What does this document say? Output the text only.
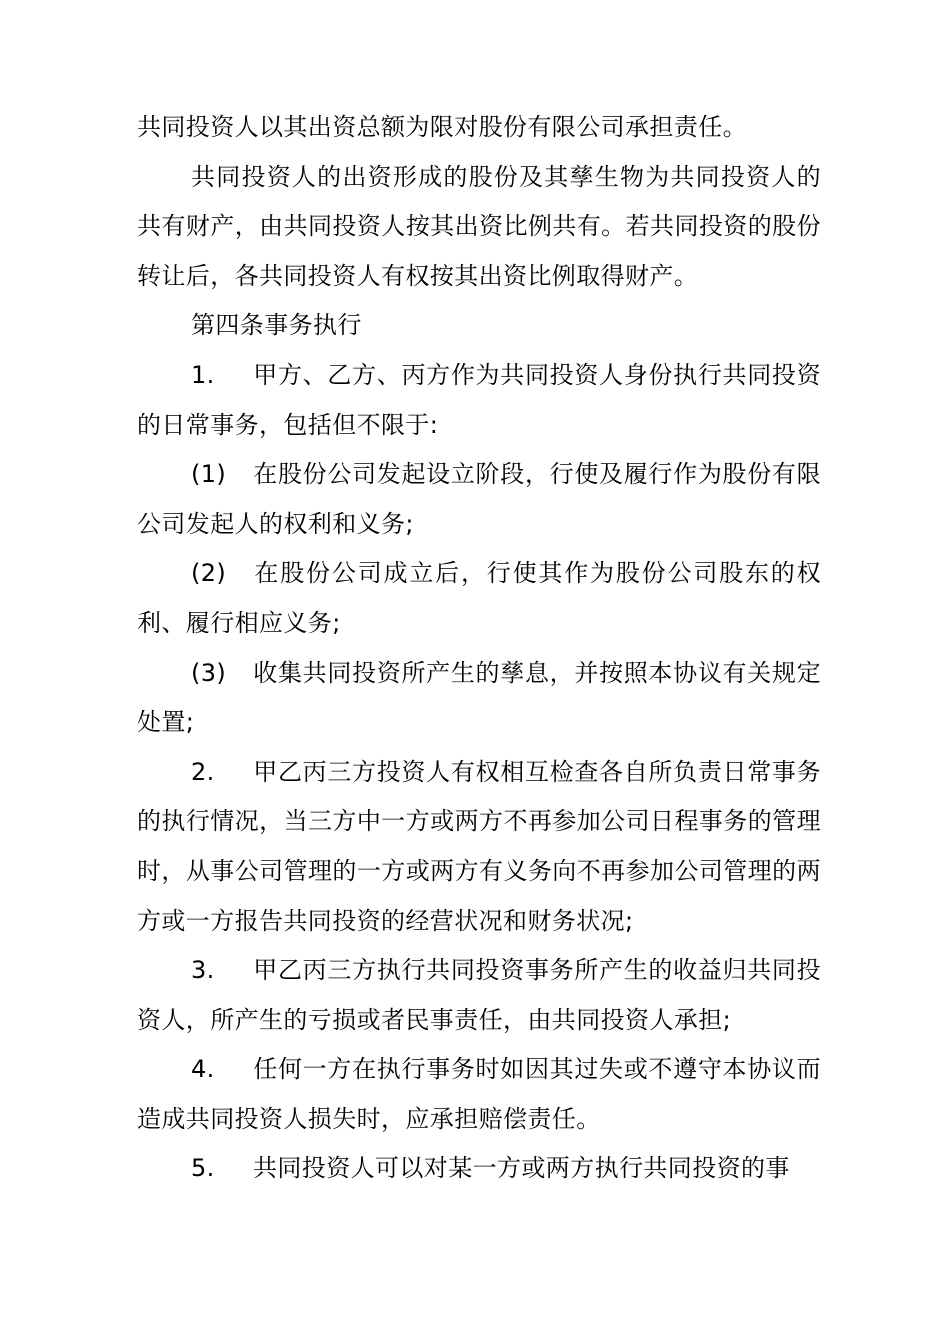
共同投资人以其出资总额为限对股份有限公司承担责任。

共同投资人的出资形成的股份及其孳生物为共同投资人的共有财产，由共同投资人按其出资比例共有。若共同投资的股份转让后，各共同投资人有权按其出资比例取得财产。

第四条事务执行

1. 甲方、乙方、丙方作为共同投资人身份执行共同投资的日常事务，包括但不限于:

(1) 在股份公司发起设立阶段，行使及履行作为股份有限公司发起人的权利和义务;

(2) 在股份公司成立后，行使其作为股份公司股东的权利、履行相应义务;

(3) 收集共同投资所产生的孳息，并按照本协议有关规定处置;

2. 甲乙丙三方投资人有权相互检查各自所负责日常事务的执行情况，当三方中一方或两方不再参加公司日程事务的管理时，从事公司管理的一方或两方有义务向不再参加公司管理的两方或一方报告共同投资的经营状况和财务状况;

3. 甲乙丙三方执行共同投资事务所产生的收益归共同投资人，所产生的亏损或者民事责任，由共同投资人承担;

4. 任何一方在执行事务时如因其过失或不遵守本协议而造成共同投资人损失时，应承担赔偿责任。

5. 共同投资人可以对某一方或两方执行共同投资的事
